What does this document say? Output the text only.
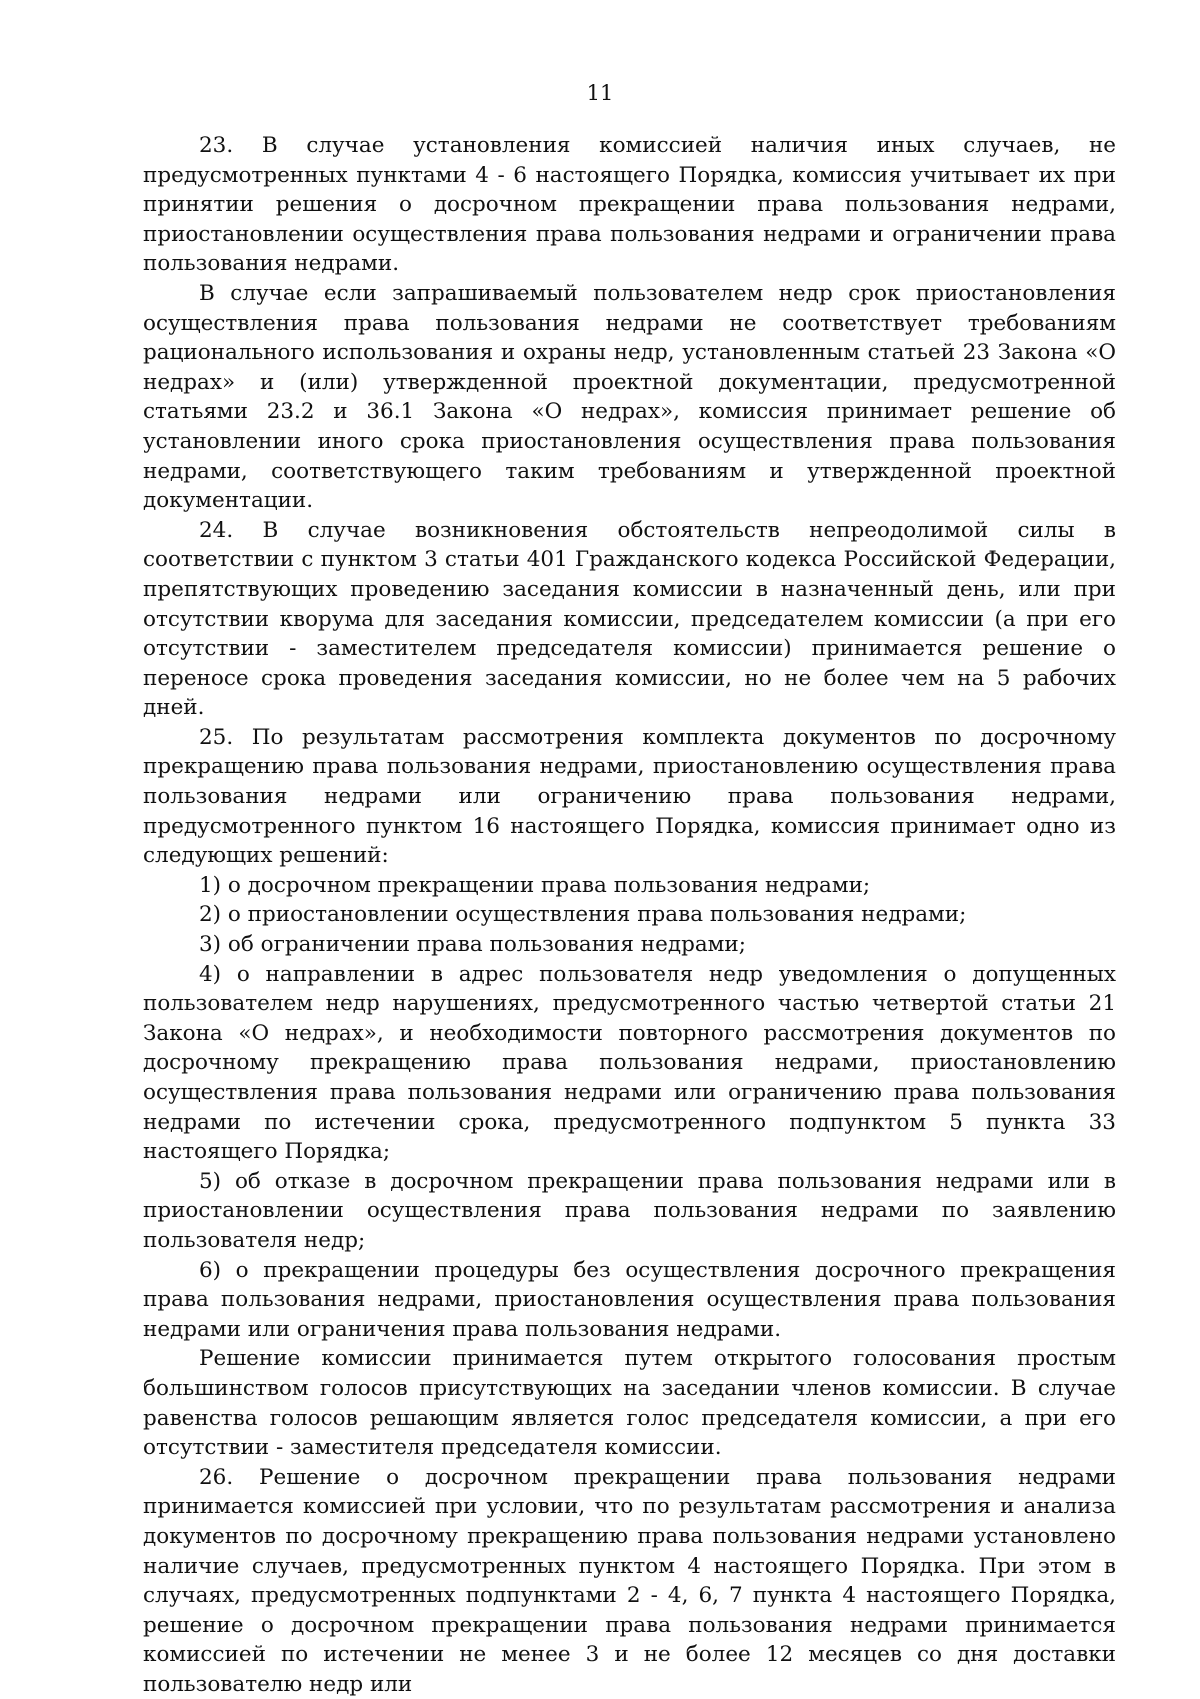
11

23. В случае установления комиссией наличия иных случаев, не предусмотренных пунктами 4 - 6 настоящего Порядка, комиссия учитывает их при принятии решения о досрочном прекращении права пользования недрами, приостановлении осуществления права пользования недрами и ограничении права пользования недрами.

В случае если запрашиваемый пользователем недр срок приостановления осуществления права пользования недрами не соответствует требованиям рационального использования и охраны недр, установленным статьей 23 Закона «О недрах» и (или) утвержденной проектной документации, предусмотренной статьями 23.2 и 36.1 Закона «О недрах», комиссия принимает решение об установлении иного срока приостановления осуществления права пользования недрами, соответствующего таким требованиям и утвержденной проектной документации.

24. В случае возникновения обстоятельств непреодолимой силы в соответствии с пунктом 3 статьи 401 Гражданского кодекса Российской Федерации, препятствующих проведению заседания комиссии в назначенный день, или при отсутствии кворума для заседания комиссии, председателем комиссии (а при его отсутствии - заместителем председателя комиссии) принимается решение о переносе срока проведения заседания комиссии, но не более чем на 5 рабочих дней.

25. По результатам рассмотрения комплекта документов по досрочному прекращению права пользования недрами, приостановлению осуществления права пользования недрами или ограничению права пользования недрами, предусмотренного пунктом 16 настоящего Порядка, комиссия принимает одно из следующих решений:

1) о досрочном прекращении права пользования недрами;

2) о приостановлении осуществления права пользования недрами;

3) об ограничении права пользования недрами;

4) о направлении в адрес пользователя недр уведомления о допущенных пользователем недр нарушениях, предусмотренного частью четвертой статьи 21 Закона «О недрах», и необходимости повторного рассмотрения документов по досрочному прекращению права пользования недрами, приостановлению осуществления права пользования недрами или ограничению права пользования недрами по истечении срока, предусмотренного подпунктом 5 пункта 33 настоящего Порядка;

5) об отказе в досрочном прекращении права пользования недрами или в приостановлении осуществления права пользования недрами по заявлению пользователя недр;

6) о прекращении процедуры без осуществления досрочного прекращения права пользования недрами, приостановления осуществления права пользования недрами или ограничения права пользования недрами.

Решение комиссии принимается путем открытого голосования простым большинством голосов присутствующих на заседании членов комиссии. В случае равенства голосов решающим является голос председателя комиссии, а при его отсутствии - заместителя председателя комиссии.

26. Решение о досрочном прекращении права пользования недрами принимается комиссией при условии, что по результатам рассмотрения и анализа документов по досрочному прекращению права пользования недрами установлено наличие случаев, предусмотренных пунктом 4 настоящего Порядка. При этом в случаях, предусмотренных подпунктами 2 - 4, 6, 7 пункта 4 настоящего Порядка, решение о досрочном прекращении права пользования недрами принимается комиссией по истечении не менее 3 и не более 12 месяцев со дня доставки пользователю недр или
